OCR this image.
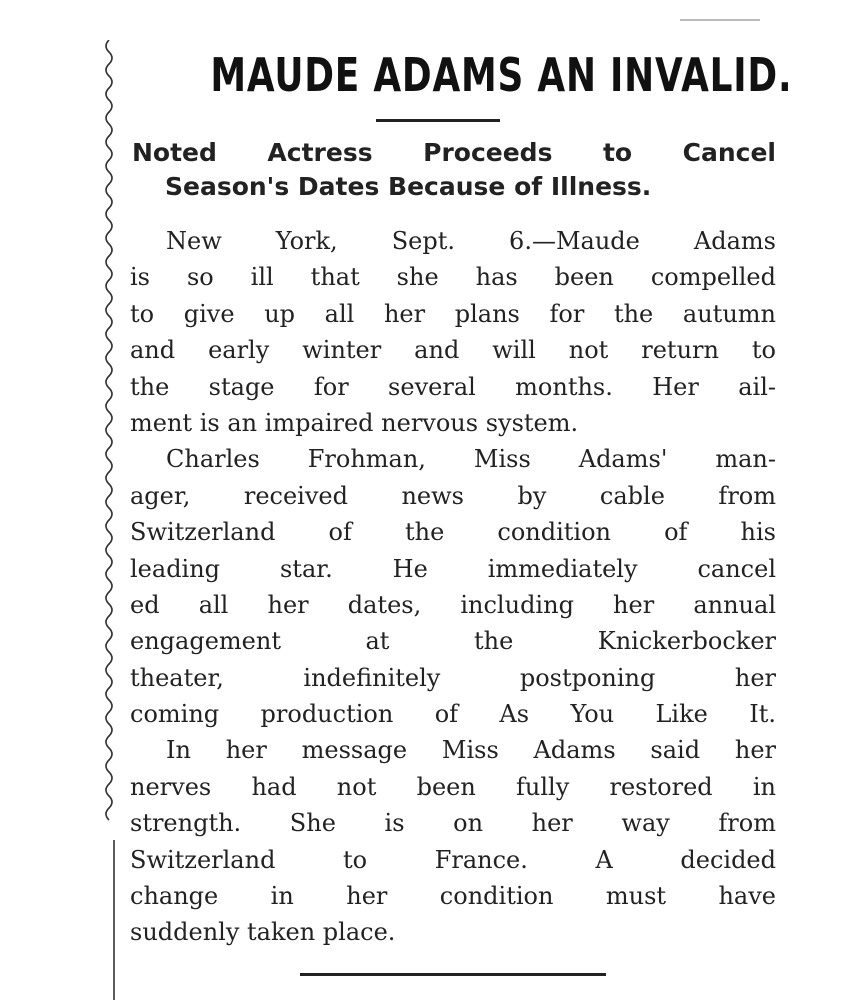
MAUDE ADAMS AN INVALID.
Noted Actress Proceeds to Cancel
Season's Dates Because of Illness.
New York, Sept. 6.—Maude Adams
is so ill that she has been compelled
to give up all her plans for the autumn
and early winter and will not return to
the stage for several months. Her ail-
ment is an impaired nervous system.
Charles Frohman, Miss Adams' man-
ager, received news by cable from
Switzerland of the condition of his
leading star. He immediately cancel
ed all her dates, including her annual
engagement at the Knickerbocker
theater, indefinitely postponing her
coming production of As You Like It.
In her message Miss Adams said her
nerves had not been fully restored in
strength. She is on her way from
Switzerland to France. A decided
change in her condition must have
suddenly taken place.
